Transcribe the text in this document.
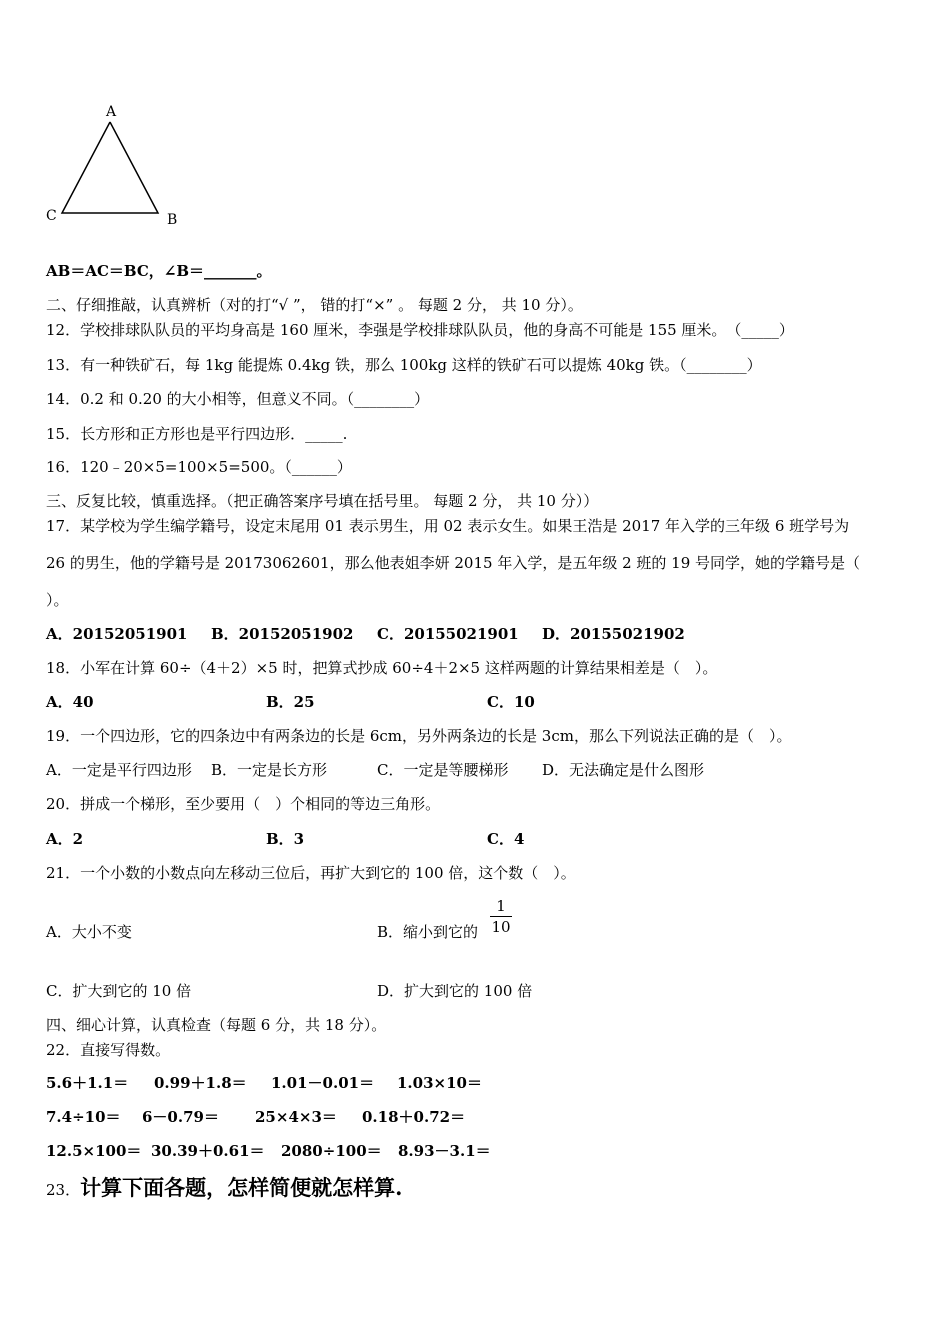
A
C	B
AB＝AC＝BC，∠B＝_______。
二、仔细推敲，认真辨析（对的打“√ ”， 错的打“×” 。 每题 2 分， 共 10 分）。
12．学校排球队队员的平均身高是 160 厘米，李强是学校排球队队员，他的身高不可能是 155 厘米。　（_____）
13．有一种铁矿石，每 1kg 能提炼 0.4kg 铁，那么 100kg 这样的铁矿石可以提炼 40kg 铁。（________）
14．0.2 和 0.20 的大小相等，但意义不同。（________）
15．长方形和正方形也是平行四边形．_____.
16．120﹣20×5=100×5=500。（______）
三、反复比较，慎重选择。（把正确答案序号填在括号里。 每题 2 分， 共 10 分））
17．某学校为学生编学籍号，设定末尾用 01 表示男生，用 02 表示女生。如果王浩是 2017 年入学的三年级 6 班学号为
26 的男生，他的学籍号是 20173062601，那么他表姐李妍 2015 年入学，是五年级 2 班的 19 号同学，她的学籍号是（
）。
A．20152051901 B．20152051902 C．20155021901 D．20155021902
18．小军在计算 60÷（4＋2）×5 时，把算式抄成 60÷4＋2×5 这样两题的计算结果相差是（　）。
A．40	B．25	C．10
19．一个四边形，它的四条边中有两条边的长是 6cm，另外两条边的长是 3cm，那么下列说法正确的是（　）。
A．一定是平行四边形 B．一定是长方形	C．一定是等腰梯形 D．无法确定是什么图形
20．拼成一个梯形，至少要用（　）个相同的等边三角形。
A．2	B．3	C．4
21．一个小数的小数点向左移动三位后，再扩大到它的 100 倍，这个数（　）。
A．大小不变	B．缩小到它的
1
10
C．扩大到它的 10 倍	D．扩大到它的 100 倍
四、细心计算，认真检查（每题 6 分，共 18 分）。
22．直接写得数。
5.6＋1.1＝ 0.99＋1.8＝ 1.01－0.01＝ 1.03×10＝
7.4÷10＝ 6－0.79＝ 25×4×3＝ 0.18＋0.72＝
12.5×100＝ 30.39＋0.61＝ 2080÷100＝ 8.93－3.1＝
23．计算下面各题，怎样简便就怎样算.
